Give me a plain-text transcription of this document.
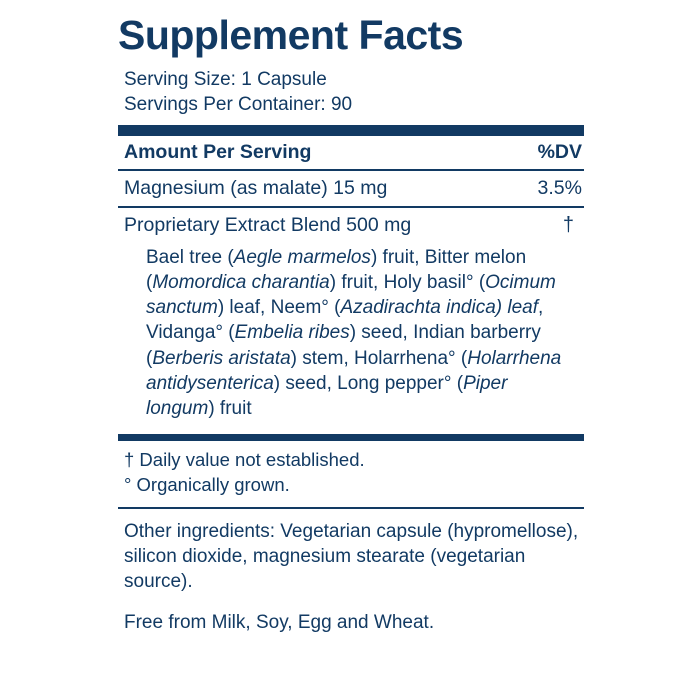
Supplement Facts
Serving Size: 1 Capsule
Servings Per Container: 90
Amount Per Serving	%DV
Magnesium (as malate) 15 mg	3.5%
Proprietary Extract Blend 500 mg	†
Bael tree (Aegle marmelos) fruit, Bitter melon (Momordica charantia) fruit, Holy basil° (Ocimum sanctum) leaf, Neem° (Azadirachta indica) leaf, Vidanga° (Embelia ribes) seed, Indian barberry (Berberis aristata) stem, Holarrhena° (Holarrhena antidysenterica) seed, Long pepper° (Piper longum) fruit
† Daily value not established.
° Organically grown.
Other ingredients: Vegetarian capsule (hypromellose), silicon dioxide, magnesium stearate (vegetarian source).
Free from Milk, Soy, Egg and Wheat.
